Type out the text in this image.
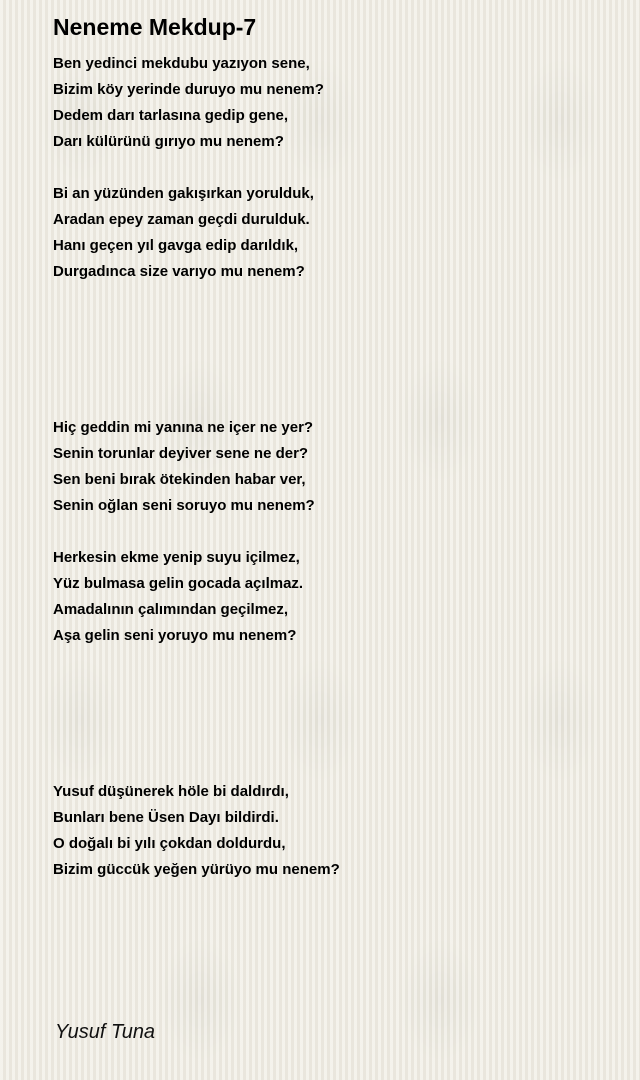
Neneme Mekdup-7
Ben yedinci mekdubu yazıyon sene,
Bizim köy yerinde duruyo mu nenem?
Dedem darı tarlasına gedip gene,
Darı külürünü gırıyo mu nenem?
Bi an yüzünden gakışırkan yorulduk,
Aradan epey zaman geçdi durulduk.
Hanı geçen yıl gavga edip darıldık,
Durgadınca size varıyo mu nenem?
Hiç geddin mi yanına ne içer ne yer?
Senin torunlar deyiver sene ne der?
Sen beni bırak ötekinden habar ver,
Senin oğlan seni soruyo mu nenem?
Herkesin ekme yenip suyu içilmez,
Yüz bulmasa gelin gocada açılmaz.
Amadalının çalımından geçilmez,
Aşa gelin seni yoruyo mu nenem?
Yusuf düşünerek höle bi daldırdı,
Bunları bene Üsen Dayı bildirdi.
O doğalı bi yılı çokdan doldurdu,
Bizim güccük yeğen yürüyo mu nenem?
Yusuf Tuna
